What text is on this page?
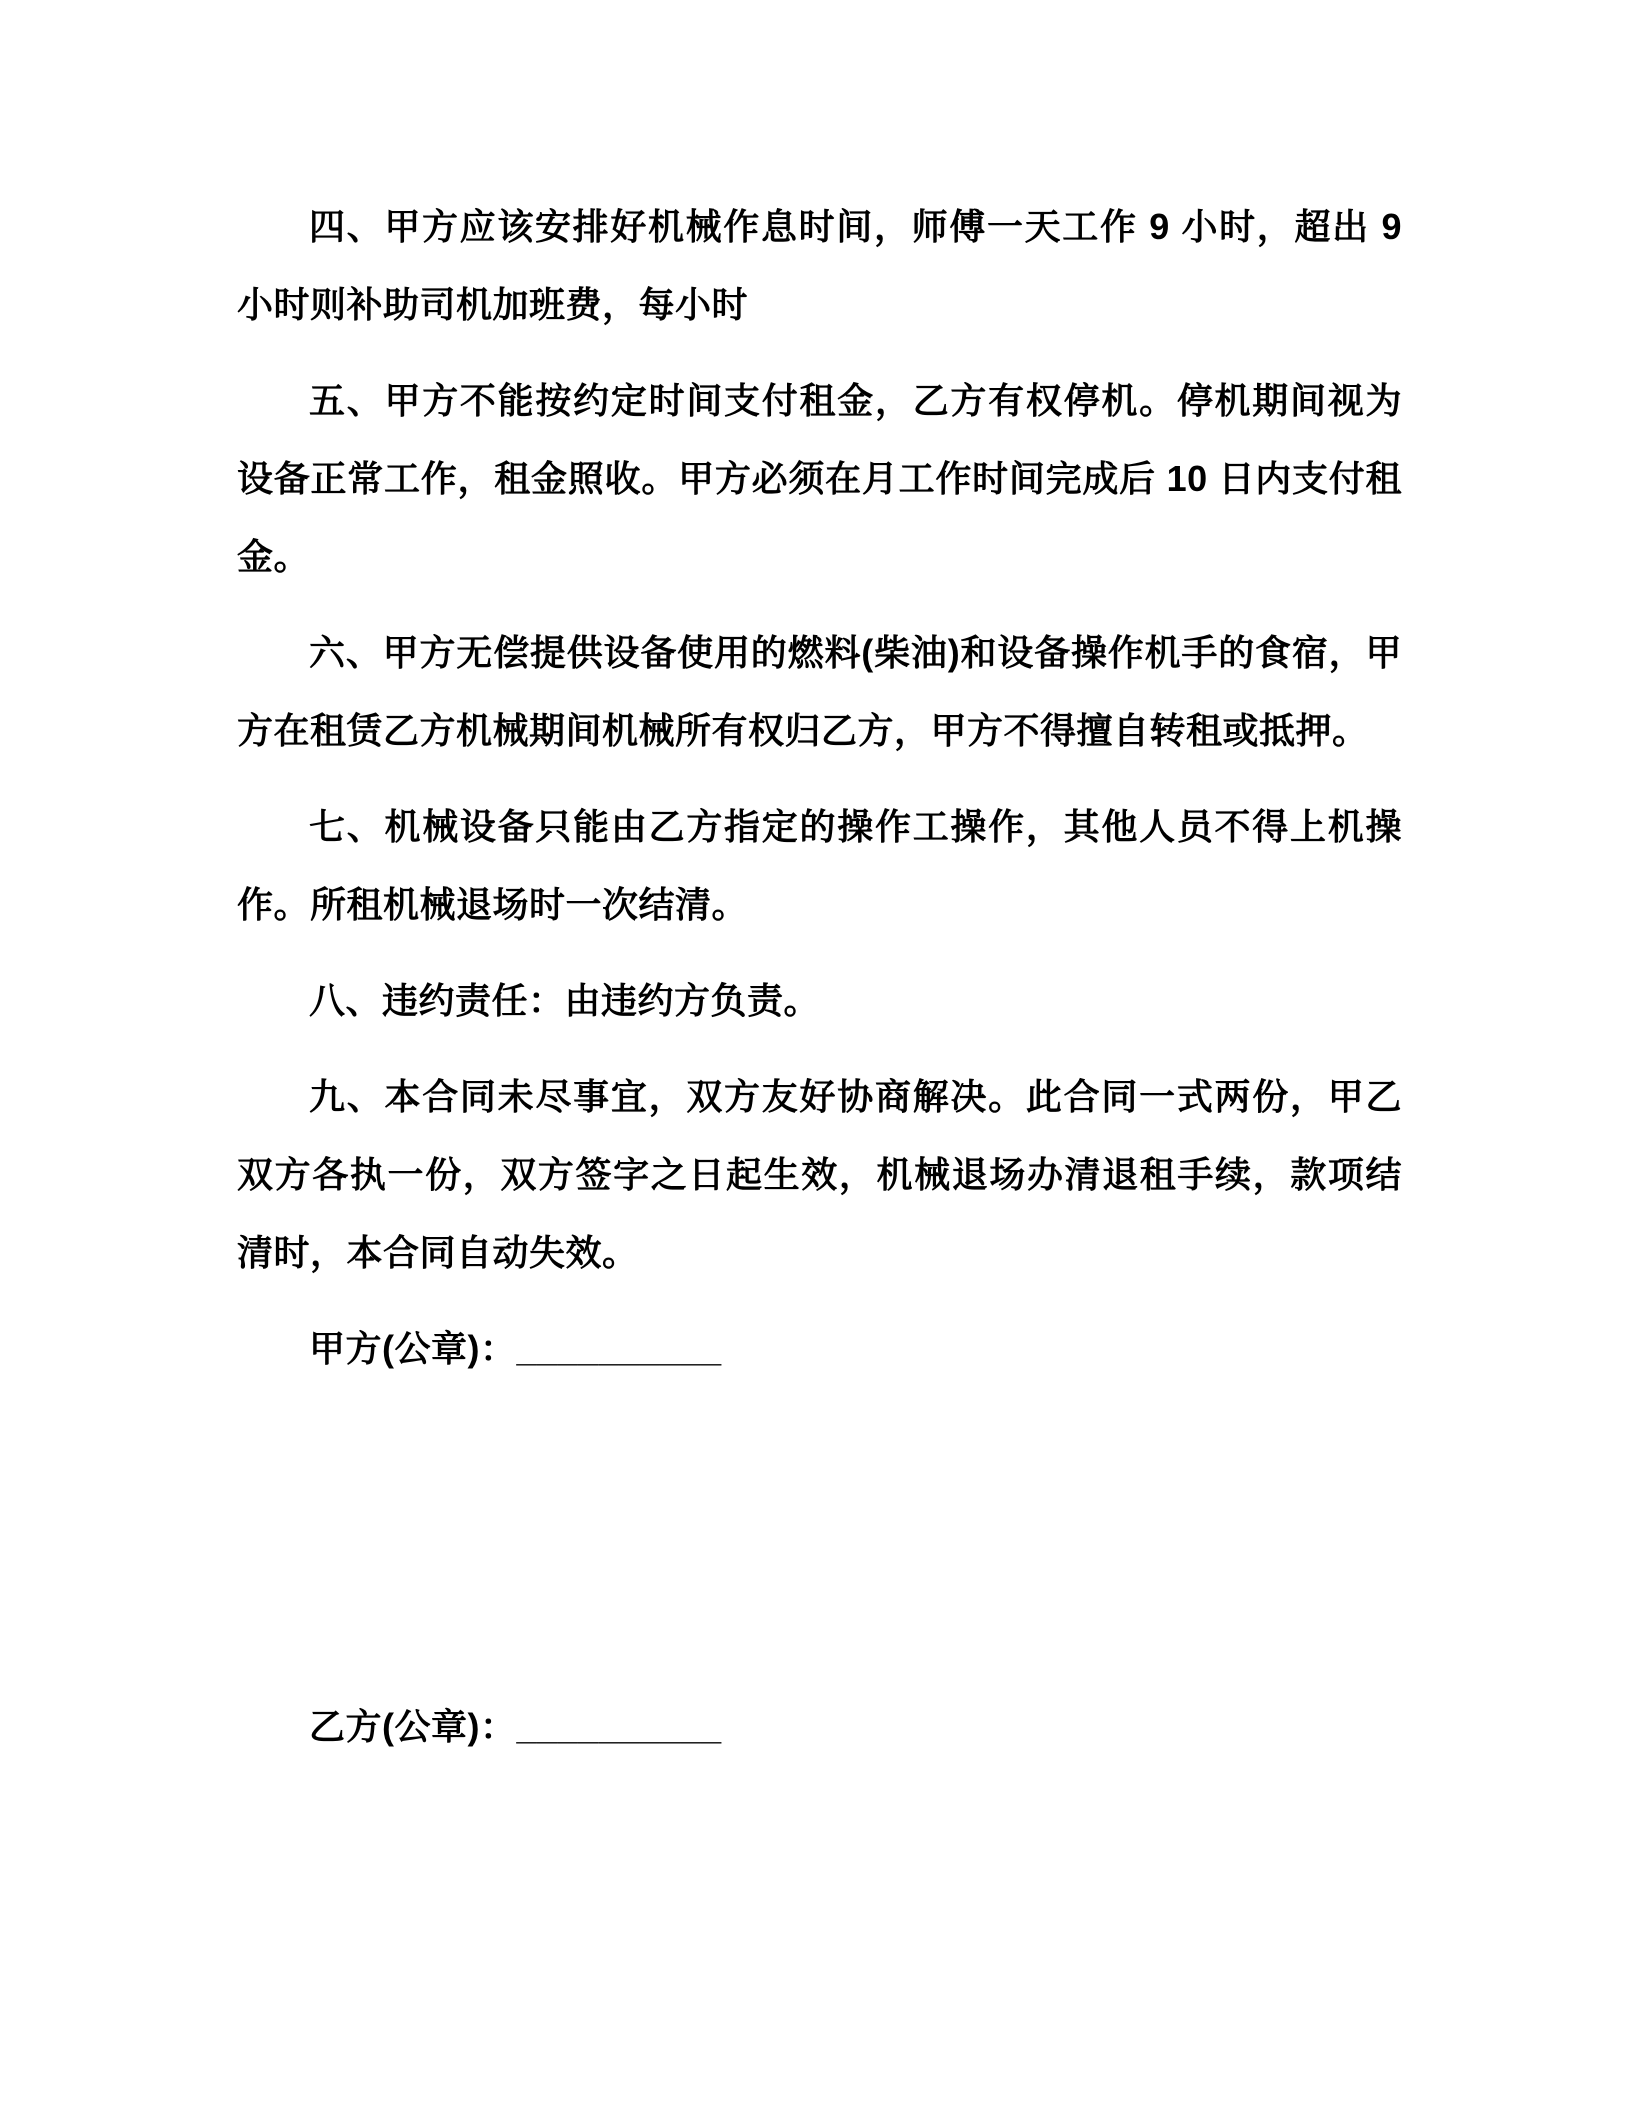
四、甲方应该安排好机械作息时间，师傅一天工作 9 小时，超出 9 小时则补助司机加班费，每小时

五、甲方不能按约定时间支付租金，乙方有权停机。停机期间视为设备正常工作，租金照收。甲方必须在月工作时间完成后 10 日内支付租金。

六、甲方无偿提供设备使用的燃料(柴油)和设备操作机手的食宿，甲方在租赁乙方机械期间机械所有权归乙方，甲方不得擅自转租或抵押。

七、机械设备只能由乙方指定的操作工操作，其他人员不得上机操作。所租机械退场时一次结清。

八、违约责任：由违约方负责。

九、本合同未尽事宜，双方友好协商解决。此合同一式两份，甲乙双方各执一份，双方签字之日起生效，机械退场办清退租手续，款项结清时，本合同自动失效。

甲方(公章)：__________

乙方(公章)：__________
